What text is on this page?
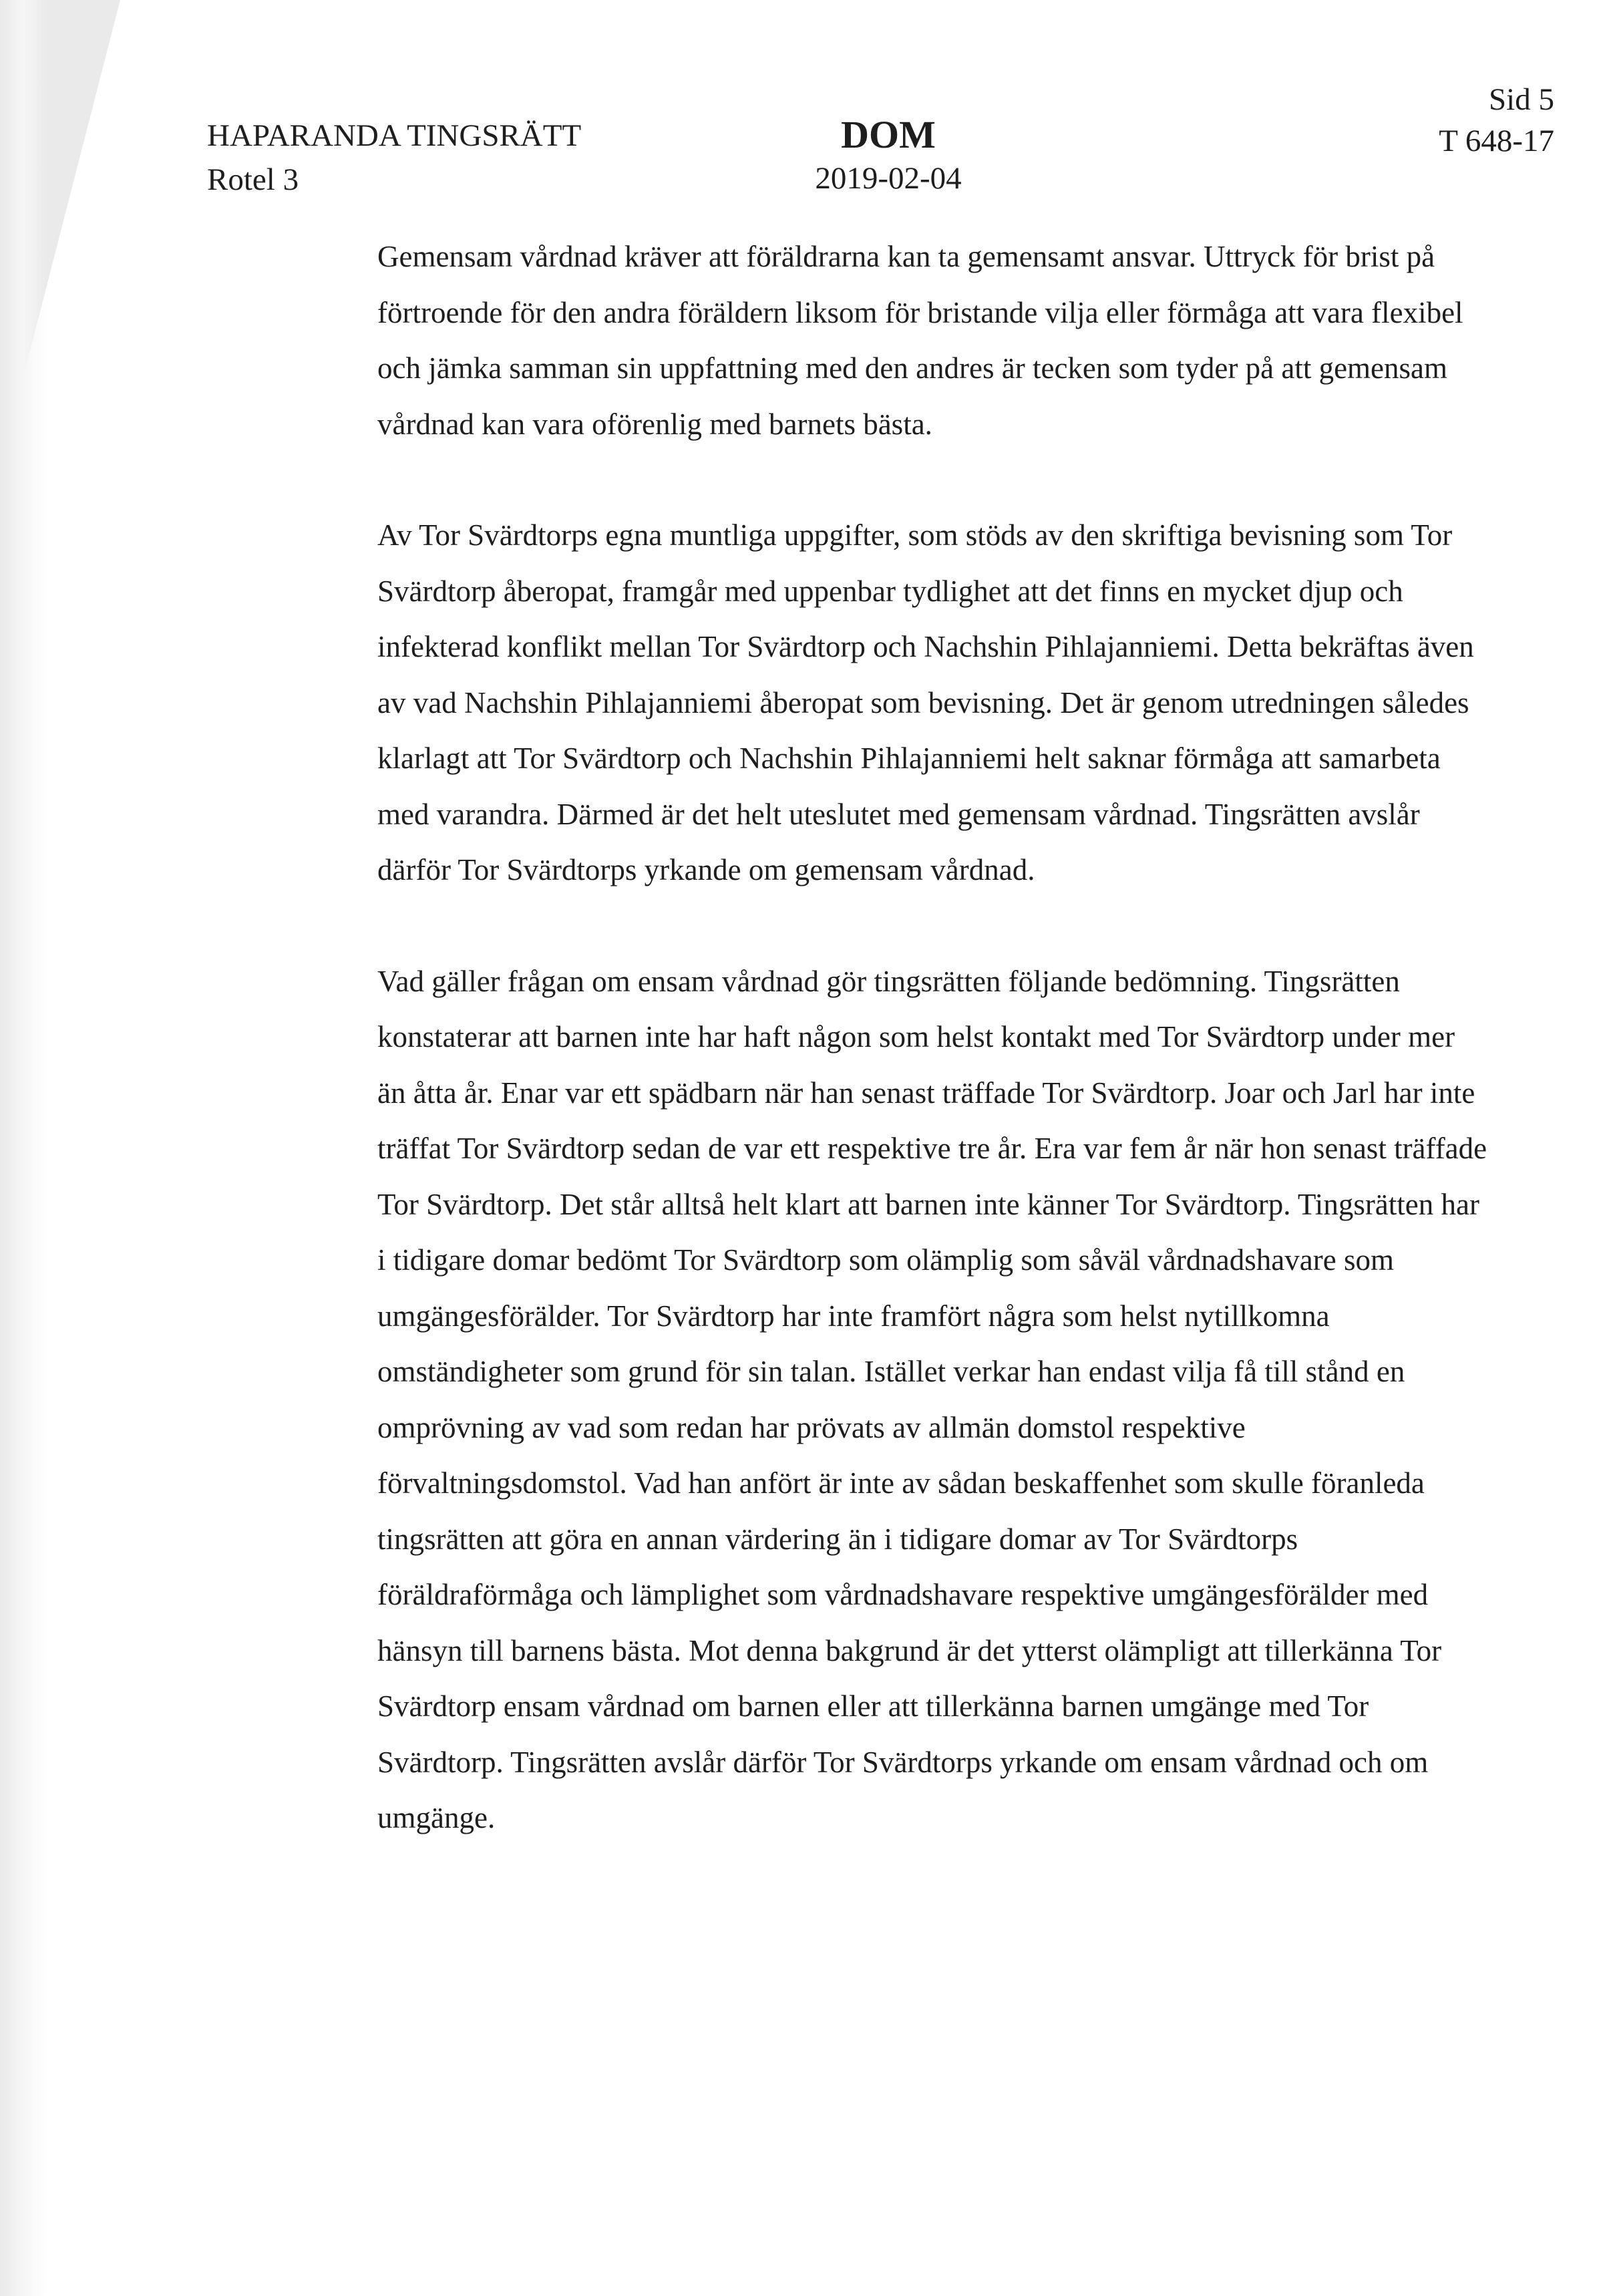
HAPARANDA TINGSRÄTT
Rotel 3
DOM
2019-02-04
Sid 5
T 648-17

Gemensam vårdnad kräver att föräldrarna kan ta gemensamt ansvar. Uttryck för brist på förtroende för den andra föräldern liksom för bristande vilja eller förmåga att vara flexibel och jämka samman sin uppfattning med den andres är tecken som tyder på att gemensam vårdnad kan vara oförenlig med barnets bästa.

Av Tor Svärdtorps egna muntliga uppgifter, som stöds av den skriftiga bevisning som Tor Svärdtorp åberopat, framgår med uppenbar tydlighet att det finns en mycket djup och infekterad konflikt mellan Tor Svärdtorp och Nachshin Pihlajanniemi. Detta bekräftas även av vad Nachshin Pihlajanniemi åberopat som bevisning. Det är genom utredningen således klarlagt att Tor Svärdtorp och Nachshin Pihlajanniemi helt saknar förmåga att samarbeta med varandra. Därmed är det helt uteslutet med gemensam vårdnad. Tingsrätten avslår därför Tor Svärdtorps yrkande om gemensam vårdnad.

Vad gäller frågan om ensam vårdnad gör tingsrätten följande bedömning. Tingsrätten konstaterar att barnen inte har haft någon som helst kontakt med Tor Svärdtorp under mer än åtta år. Enar var ett spädbarn när han senast träffade Tor Svärdtorp. Joar och Jarl har inte träffat Tor Svärdtorp sedan de var ett respektive tre år. Era var fem år när hon senast träffade Tor Svärdtorp. Det står alltså helt klart att barnen inte känner Tor Svärdtorp. Tingsrätten har i tidigare domar bedömt Tor Svärdtorp som olämplig som såväl vårdnadshavare som umgängesförälder. Tor Svärdtorp har inte framfört några som helst nytillkomna omständigheter som grund för sin talan. Istället verkar han endast vilja få till stånd en omprövning av vad som redan har prövats av allmän domstol respektive förvaltningsdomstol. Vad han anfört är inte av sådan beskaffenhet som skulle föranleda tingsrätten att göra en annan värdering än i tidigare domar av Tor Svärdtorps föräldraförmåga och lämplighet som vårdnadshavare respektive umgängesförälder med hänsyn till barnens bästa. Mot denna bakgrund är det ytterst olämpligt att tillerkänna Tor Svärdtorp ensam vårdnad om barnen eller att tillerkänna barnen umgänge med Tor Svärdtorp. Tingsrätten avslår därför Tor Svärdtorps yrkande om ensam vårdnad och om umgänge.
